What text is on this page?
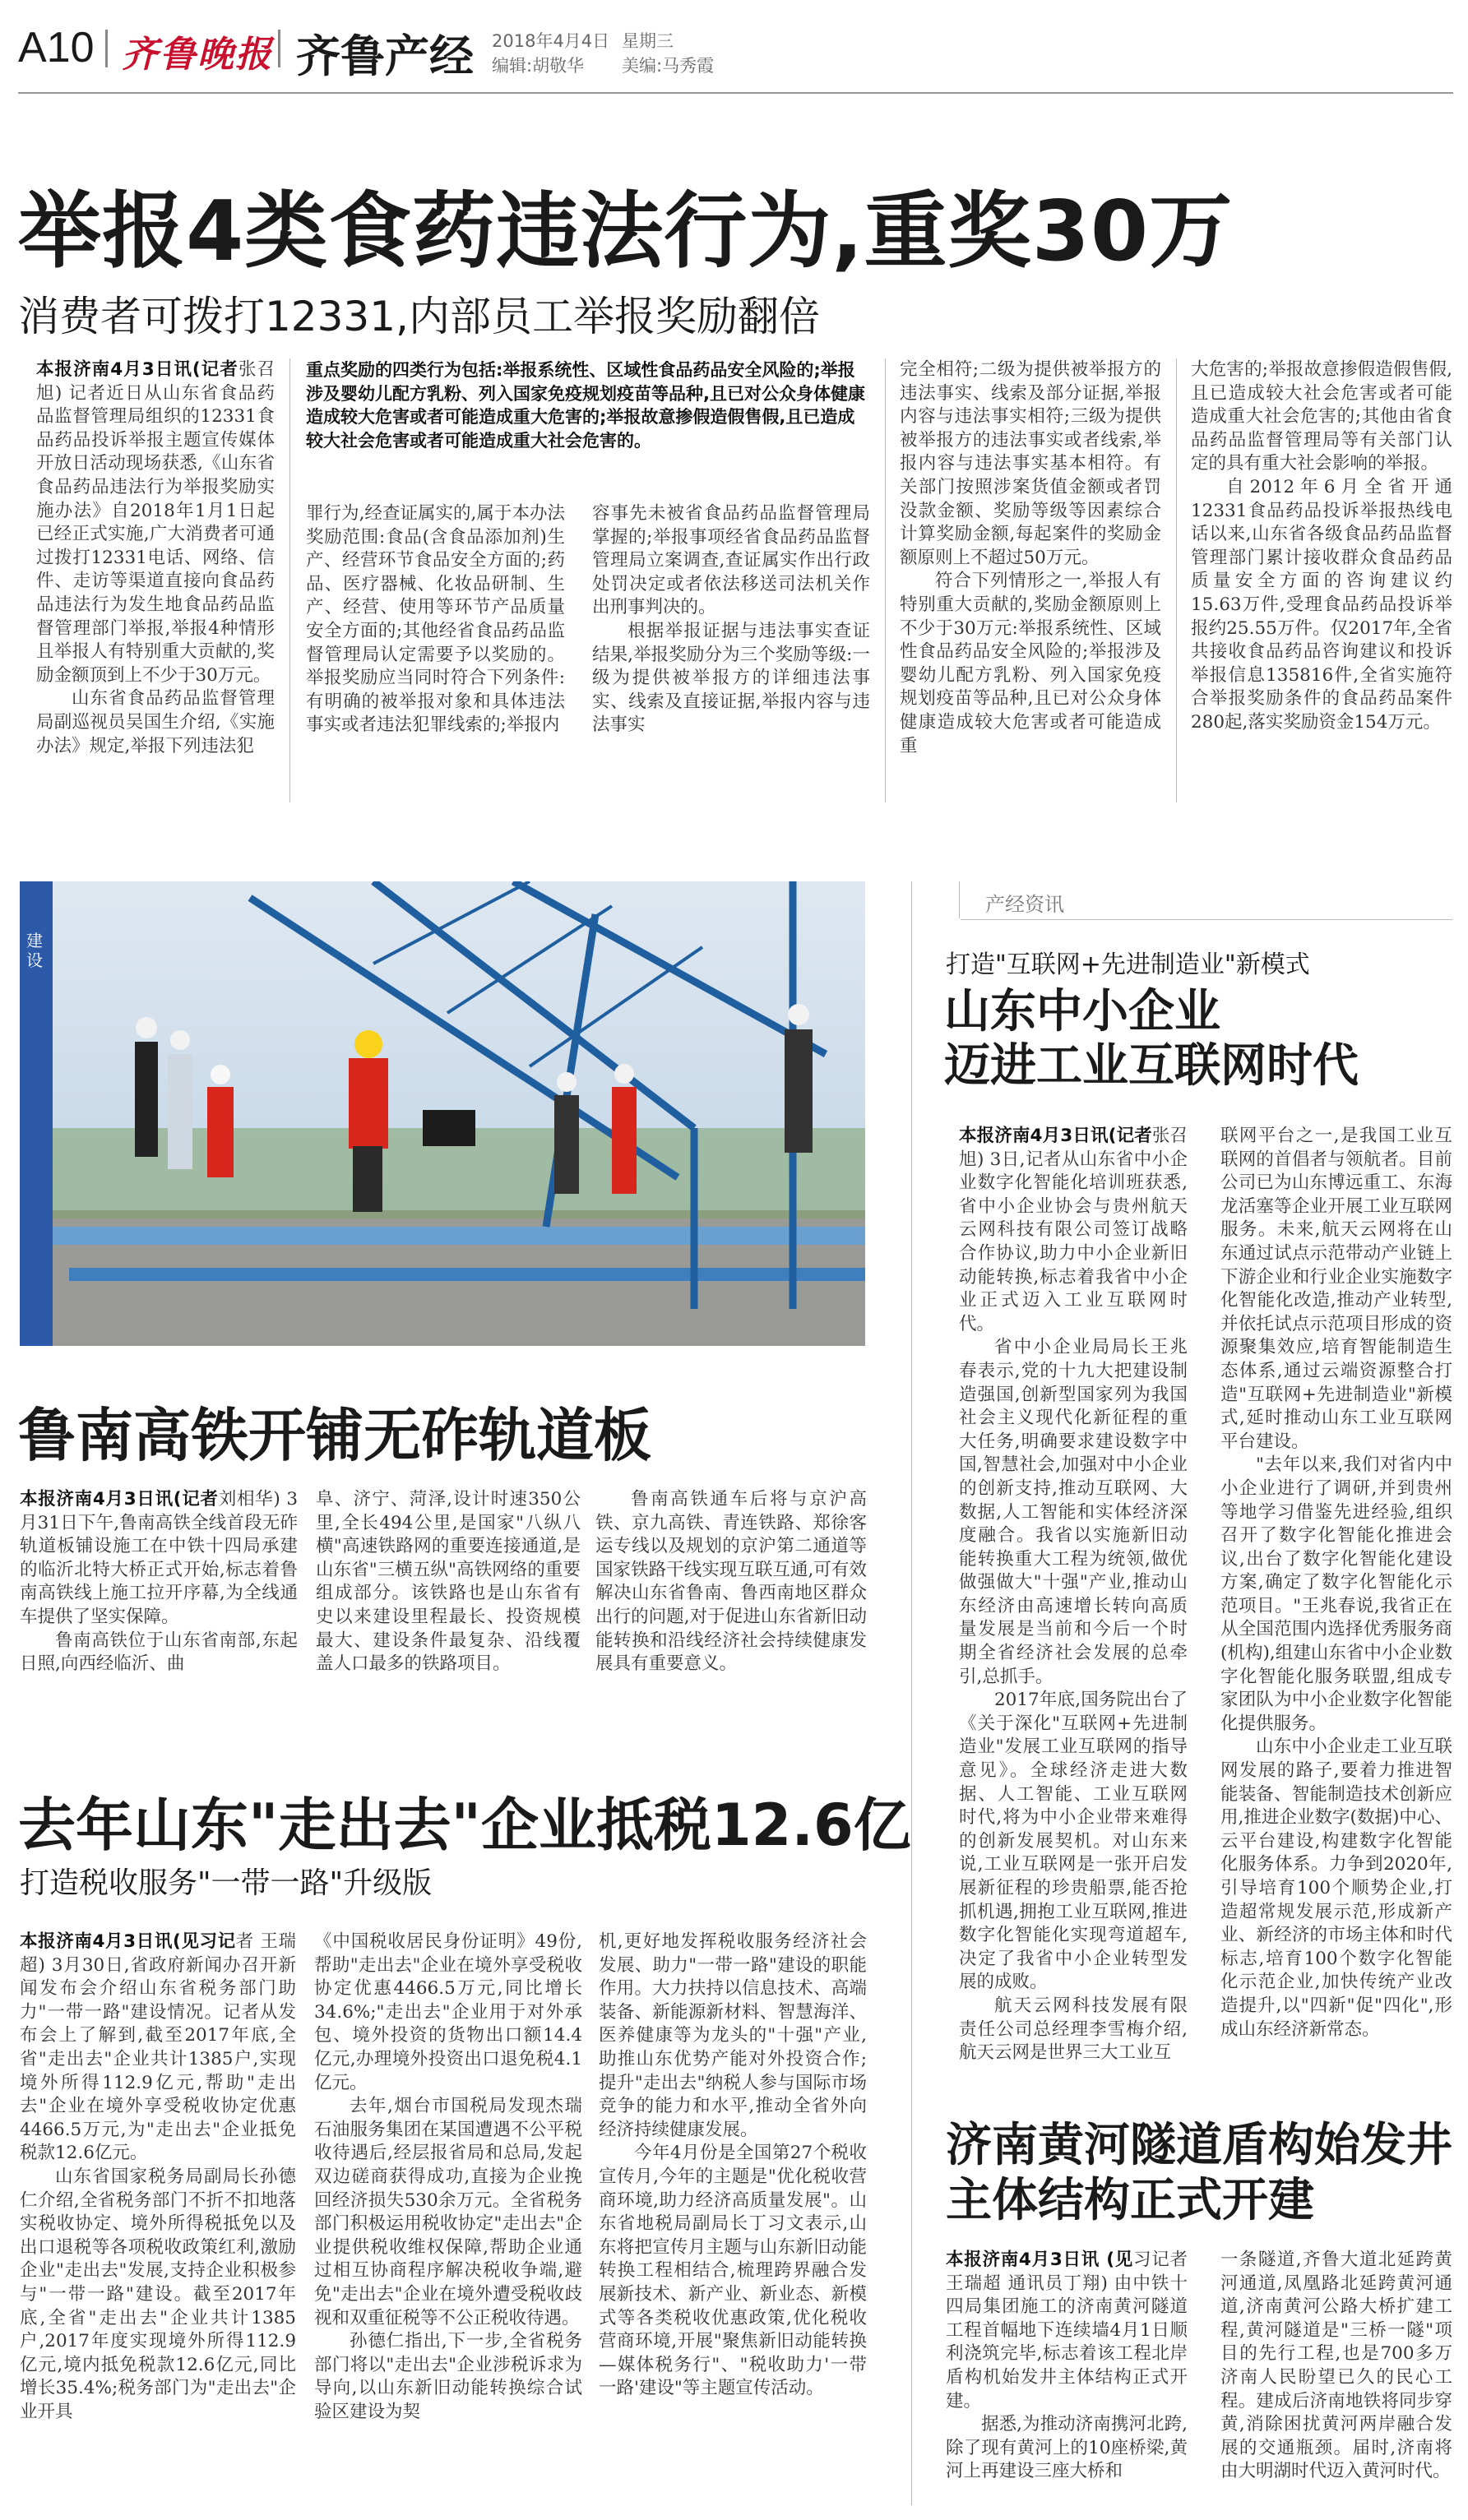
A10 齐鲁晚报 齐鲁产经 2018年4月4日 星期三
编辑:胡敬华 美编:马秀霞
举报4类食药违法行为,重奖30万
消费者可拨打12331,内部员工举报奖励翻倍

本报济南4月3日讯(记者张召旭) 记者近日从山东省食品药品监督管理局组织的12331食品药品投诉举报主题宣传媒体开放日活动现场获悉,《山东省食品药品违法行为举报奖励实施办法》自2018年1月1日起已经正式实施,广大消费者可通过拨打12331电话、网络、信件、走访等渠道直接向食品药品违法行为发生地食品药品监督管理部门举报,举报4种情形且举报人有特别重大贡献的,奖励金额顶到上不少于30万元。

山东省食品药品监督管理局副巡视员吴国生介绍,《实施办法》规定,举报下列违法犯

重点奖励的四类行为包括:举报系统性、区域性食品药品安全风险的;举报涉及婴幼儿配方乳粉、列入国家免疫规划疫苗等品种,且已对公众身体健康造成较大危害或者可能造成重大危害的;举报故意掺假造假售假,且已造成较大社会危害或者可能造成重大社会危害的。

罪行为,经查证属实的,属于本办法奖励范围:食品(含食品添加剂)生产、经营环节食品安全方面的;药品、医疗器械、化妆品研制、生产、经营、使用等环节产品质量安全方面的;其他经省食品药品监督管理局认定需要予以奖励的。举报奖励应当同时符合下列条件:有明确的被举报对象和具体违法事实或者违法犯罪线索的;举报内

容事先未被省食品药品监督管理局掌握的;举报事项经省食品药品监督管理局立案调查,查证属实作出行政处罚决定或者依法移送司法机关作出刑事判决的。

根据举报证据与违法事实查证结果,举报奖励分为三个奖励等级:一级为提供被举报方的详细违法事实、线索及直接证据,举报内容与违法事实

完全相符;二级为提供被举报方的违法事实、线索及部分证据,举报内容与违法事实相符;三级为提供被举报方的违法事实或者线索,举报内容与违法事实基本相符。有关部门按照涉案货值金额或者罚没款金额、奖励等级等因素综合计算奖励金额,每起案件的奖励金额原则上不超过50万元。

符合下列情形之一,举报人有特别重大贡献的,奖励金额原则上不少于30万元:举报系统性、区域性食品药品安全风险的;举报涉及婴幼儿配方乳粉、列入国家免疫规划疫苗等品种,且已对公众身体健康造成较大危害或者可能造成重

大危害的;举报故意掺假造假售假,且已造成较大社会危害或者可能造成重大社会危害的;其他由省食品药品监督管理局等有关部门认定的具有重大社会影响的举报。

自2012年6月全省开通12331食品药品投诉举报热线电话以来,山东省各级食品药品监督管理部门累计接收群众食品药品质量安全方面的咨询建议约15.63万件,受理食品药品投诉举报约25.55万件。仅2017年,全省共接收食品药品咨询建议和投诉举报信息135816件,全省实施符合举报奖励条件的食品药品案件280起,落实奖励资金154万元。

建设
产经资讯
打造"互联网+先进制造业"新模式
山东中小企业
迈进工业互联网时代

本报济南4月3日讯(记者张召旭) 3日,记者从山东省中小企业数字化智能化培训班获悉,省中小企业协会与贵州航天云网科技有限公司签订战略合作协议,助力中小企业新旧动能转换,标志着我省中小企业正式迈入工业互联网时代。

省中小企业局局长王兆春表示,党的十九大把建设制造强国,创新型国家列为我国社会主义现代化新征程的重大任务,明确要求建设数字中国,智慧社会,加强对中小企业的创新支持,推动互联网、大数据,人工智能和实体经济深度融合。我省以实施新旧动能转换重大工程为统领,做优做强做大"十强"产业,推动山东经济由高速增长转向高质量发展是当前和今后一个时期全省经济社会发展的总牵引,总抓手。

2017年底,国务院出台了《关于深化"互联网+先进制造业"发展工业互联网的指导意见》。全球经济走进大数据、人工智能、工业互联网时代,将为中小企业带来难得的创新发展契机。对山东来说,工业互联网是一张开启发展新征程的珍贵船票,能否抢抓机遇,拥抱工业互联网,推进数字化智能化实现弯道超车,决定了我省中小企业转型发展的成败。

航天云网科技发展有限责任公司总经理李雪梅介绍,航天云网是世界三大工业互

联网平台之一,是我国工业互联网的首倡者与领航者。目前公司已为山东博远重工、东海龙活塞等企业开展工业互联网服务。未来,航天云网将在山东通过试点示范带动产业链上下游企业和行业企业实施数字化智能化改造,推动产业转型,并依托试点示范项目形成的资源聚集效应,培育智能制造生态体系,通过云端资源整合打造"互联网+先进制造业"新模式,延时推动山东工业互联网平台建设。

"去年以来,我们对省内中小企业进行了调研,并到贵州等地学习借鉴先进经验,组织召开了数字化智能化推进会议,出台了数字化智能化建设方案,确定了数字化智能化示范项目。"王兆春说,我省正在从全国范围内选择优秀服务商(机构),组建山东省中小企业数字化智能化服务联盟,组成专家团队为中小企业数字化智能化提供服务。

山东中小企业走工业互联网发展的路子,要着力推进智能装备、智能制造技术创新应用,推进企业数字(数据)中心、云平台建设,构建数字化智能化服务体系。力争到2020年,引导培育100个顺势企业,打造超常规发展示范,形成新产业、新经济的市场主体和时代标志,培育100个数字化智能化示范企业,加快传统产业改造提升,以"四新"促"四化",形成山东经济新常态。

济南黄河隧道盾构始发井
主体结构正式开建

本报济南4月3日讯 (见习记者 王瑞超 通讯员丁翔) 由中铁十四局集团施工的济南黄河隧道工程首幅地下连续墙4月1日顺利浇筑完毕,标志着该工程北岸盾构机始发井主体结构正式开建。

据悉,为推动济南携河北跨,除了现有黄河上的10座桥梁,黄河上再建设三座大桥和

一条隧道,齐鲁大道北延跨黄河通道,凤凰路北延跨黄河通道,济南黄河公路大桥扩建工程,黄河隧道是"三桥一隧"项目的先行工程,也是700多万济南人民盼望已久的民心工程。建成后济南地铁将同步穿黄,消除困扰黄河两岸融合发展的交通瓶颈。届时,济南将由大明湖时代迈入黄河时代。

鲁南高铁开铺无砟轨道板

本报济南4月3日讯(记者刘相华) 3月31日下午,鲁南高铁全线首段无砟轨道板铺设施工在中铁十四局承建的临沂北特大桥正式开始,标志着鲁南高铁线上施工拉开序幕,为全线通车提供了坚实保障。

鲁南高铁位于山东省南部,东起日照,向西经临沂、曲

阜、济宁、菏泽,设计时速350公里,全长494公里,是国家"八纵八横"高速铁路网的重要连接通道,是山东省"三横五纵"高铁网络的重要组成部分。该铁路也是山东省有史以来建设里程最长、投资规模最大、建设条件最复杂、沿线覆盖人口最多的铁路项目。

鲁南高铁通车后将与京沪高铁、京九高铁、青连铁路、郑徐客运专线以及规划的京沪第二通道等国家铁路干线实现互联互通,可有效解决山东省鲁南、鲁西南地区群众出行的问题,对于促进山东省新旧动能转换和沿线经济社会持续健康发展具有重要意义。

去年山东"走出去"企业抵税12.6亿
打造税收服务"一带一路"升级版

本报济南4月3日讯(见习记者 王瑞超) 3月30日,省政府新闻办召开新闻发布会介绍山东省税务部门助力"一带一路"建设情况。记者从发布会上了解到,截至2017年底,全省"走出去"企业共计1385户,实现境外所得112.9亿元,帮助"走出去"企业在境外享受税收协定优惠4466.5万元,为"走出去"企业抵免税款12.6亿元。

山东省国家税务局副局长孙德仁介绍,全省税务部门不折不扣地落实税收协定、境外所得税抵免以及出口退税等各项税收政策红利,激励企业"走出去"发展,支持企业积极参与"一带一路"建设。截至2017年底,全省"走出去"企业共计1385户,2017年度实现境外所得112.9亿元,境内抵免税款12.6亿元,同比增长35.4%;税务部门为"走出去"企业开具

《中国税收居民身份证明》49份,帮助"走出去"企业在境外享受税收协定优惠4466.5万元,同比增长34.6%;"走出去"企业用于对外承包、境外投资的货物出口额14.4亿元,办理境外投资出口退免税4.1亿元。

去年,烟台市国税局发现杰瑞石油服务集团在某国遭遇不公平税收待遇后,经层报省局和总局,发起双边磋商获得成功,直接为企业挽回经济损失530余万元。全省税务部门积极运用税收协定"走出去"企业提供税收维权保障,帮助企业通过相互协商程序解决税收争端,避免"走出去"企业在境外遭受税收歧视和双重征税等不公正税收待遇。

孙德仁指出,下一步,全省税务部门将以"走出去"企业涉税诉求为导向,以山东新旧动能转换综合试验区建设为契

机,更好地发挥税收服务经济社会发展、助力"一带一路"建设的职能作用。大力扶持以信息技术、高端装备、新能源新材料、智慧海洋、医养健康等为龙头的"十强"产业,助推山东优势产能对外投资合作;提升"走出去"纳税人参与国际市场竞争的能力和水平,推动全省外向经济持续健康发展。

今年4月份是全国第27个税收宣传月,今年的主题是"优化税收营商环境,助力经济高质量发展"。山东省地税局副局长丁习文表示,山东将把宣传月主题与山东新旧动能转换工程相结合,梳理跨界融合发展新技术、新产业、新业态、新模式等各类税收优惠政策,优化税收营商环境,开展"聚焦新旧动能转换—媒体税务行"、"税收助力'一带一路'建设"等主题宣传活动。
